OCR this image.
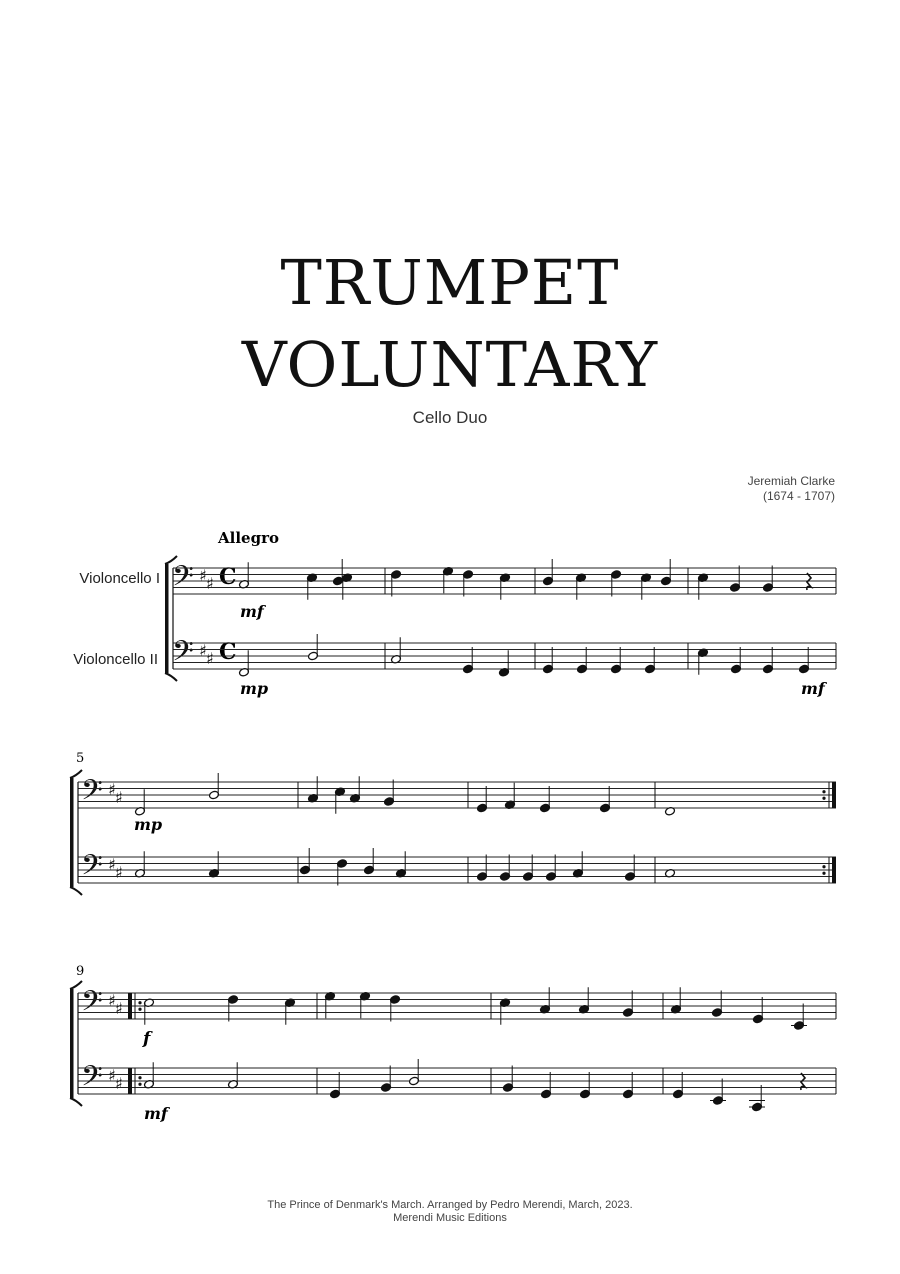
TRUMPET
VOLUNTARY
Cello Duo
Jeremiah Clarke
(1674 - 1707)
Allegro
Violoncello I
Violoncello II
5
9
mf
mp	mf
mp
f
mf
𝄢
𝄢
𝄢
𝄢
𝄢
𝄢
♯ ♯
♯ ♯
♯ ♯
♯ ♯
♯ ♯
♯ ♯
C
C
The Prince of Denmark's March. Arranged by Pedro Merendi, March, 2023.
Merendi Music Editions
